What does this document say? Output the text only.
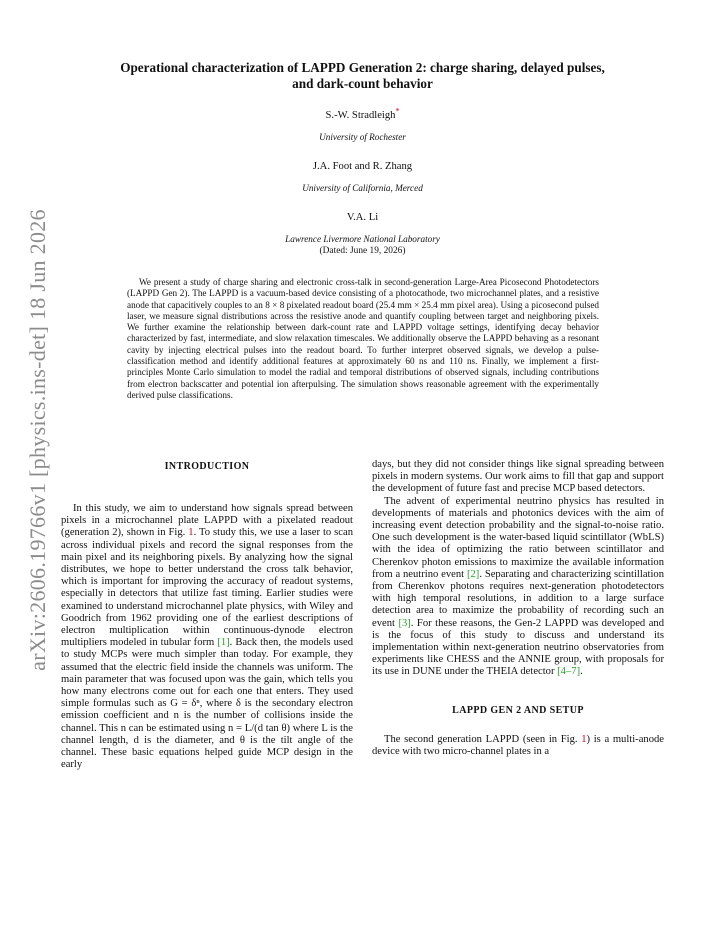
arXiv:2606.19766v1 [physics.ins-det] 18 Jun 2026
Operational characterization of LAPPD Generation 2: charge sharing, delayed pulses,
and dark-count behavior
S.-W. Stradleigh*
University of Rochester
J.A. Foot and R. Zhang
University of California, Merced
V.A. Li
Lawrence Livermore National Laboratory
(Dated: June 19, 2026)

We present a study of charge sharing and electronic cross-talk in second-generation Large-Area Picosecond Photodetectors (LAPPD Gen 2). The LAPPD is a vacuum-based device consisting of a photocathode, two microchannel plates, and a resistive anode that capacitively couples to an 8 × 8 pixelated readout board (25.4 mm × 25.4 mm pixel area). Using a picosecond pulsed laser, we measure signal distributions across the resistive anode and quantify coupling between target and neighboring pixels. We further examine the relationship between dark-count rate and LAPPD voltage settings, identifying decay behavior characterized by fast, intermediate, and slow relaxation timescales. We additionally observe the LAPPD behaving as a resonant cavity by injecting electrical pulses into the readout board. To further interpret observed signals, we develop a pulse-classification method and identify additional features at approximately 60 ns and 110 ns. Finally, we implement a first-principles Monte Carlo simulation to model the radial and temporal distributions of observed signals, including contributions from electron backscatter and potential ion afterpulsing. The simulation shows reasonable agreement with the experimentally derived pulse classifications.

INTRODUCTION

In this study, we aim to understand how signals spread between pixels in a microchannel plate LAPPD with a pixelated readout (generation 2), shown in Fig. 1. To study this, we use a laser to scan across individual pixels and record the signal responses from the main pixel and its neighboring pixels. By analyzing how the signal distributes, we hope to better understand the cross talk behavior, which is important for improving the accuracy of readout systems, especially in detectors that utilize fast timing. Earlier studies were examined to understand microchannel plate physics, with Wiley and Goodrich from 1962 providing one of the earliest descriptions of electron multiplication within continuous-dynode electron multipliers modeled in tubular form [1]. Back then, the models used to study MCPs were much simpler than today. For example, they assumed that the electric field inside the channels was uniform. The main parameter that was focused upon was the gain, which tells you how many electrons come out for each one that enters. They used simple formulas such as G = δⁿ, where δ is the secondary electron emission coefficient and n is the number of collisions inside the channel. This n can be estimated using n = L/(d tan θ) where L is the channel length, d is the diameter, and θ is the tilt angle of the channel. These basic equations helped guide MCP design in the early

days, but they did not consider things like signal spreading between pixels in modern systems. Our work aims to fill that gap and support the development of future fast and precise MCP based detectors.

The advent of experimental neutrino physics has resulted in developments of materials and photonics devices with the aim of increasing event detection probability and the signal-to-noise ratio. One such development is the water-based liquid scintillator (WbLS) with the idea of optimizing the ratio between scintillator and Cherenkov photon emissions to maximize the available information from a neutrino event [2]. Separating and characterizing scintillation from Cherenkov photons requires next-generation photodetectors with high temporal resolutions, in addition to a large surface detection area to maximize the probability of recording such an event [3]. For these reasons, the Gen-2 LAPPD was developed and is the focus of this study to discuss and understand its implementation within next-generation neutrino observatories from experiments like CHESS and the ANNIE group, with proposals for its use in DUNE under the THEIA detector [4–7].

LAPPD GEN 2 AND SETUP

The second generation LAPPD (seen in Fig. 1) is a multi-anode device with two micro-channel plates in a
